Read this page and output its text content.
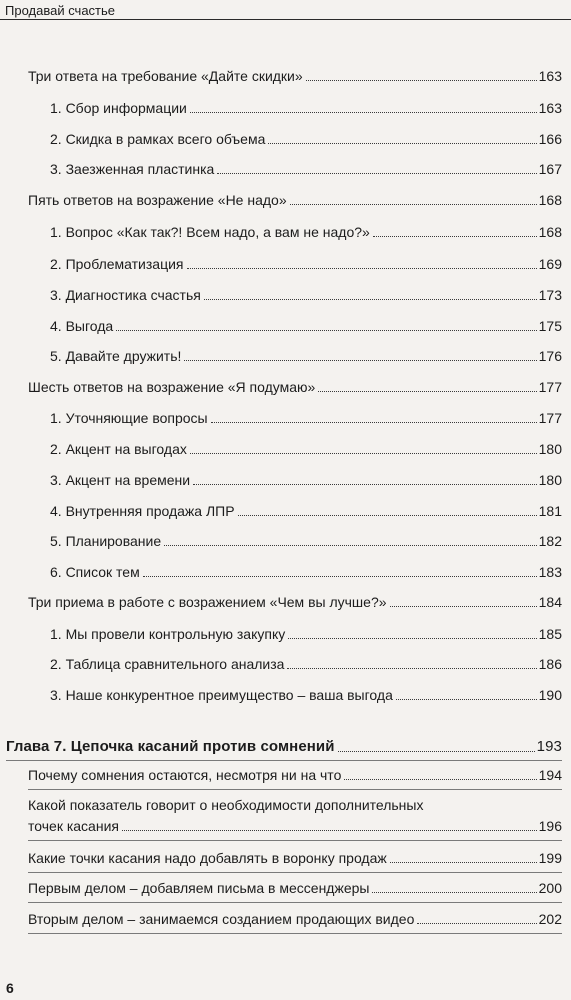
Продавай счастье
Три ответа на требование «Дайте скидки»	163
1. Сбор информации	163
2. Скидка в рамках всего объема	166
3. Заезженная пластинка	167
Пять ответов на возражение «Не надо»	168
1. Вопрос «Как так?! Всем надо, а вам не надо?»	168
2. Проблематизация	169
3. Диагностика счастья	173
4. Выгода	175
5. Давайте дружить!	176
Шесть ответов на возражение «Я подумаю»	177
1. Уточняющие вопросы	177
2. Акцент на выгодах	180
3. Акцент на времени	180
4. Внутренняя продажа ЛПР	181
5. Планирование	182
6. Список тем	183
Три приема в работе с возражением «Чем вы лучше?»	184
1. Мы провели контрольную закупку	185
2. Таблица сравнительного анализа	186
3. Наше конкурентное преимущество – ваша выгода	190
Глава 7. Цепочка касаний против сомнений	193
Почему сомнения остаются, несмотря ни на что	194
Какой показатель говорит о необходимости дополнительных
точек касания	196
Какие точки касания надо добавлять в воронку продаж	199
Первым делом – добавляем письма в мессенджеры	200
Вторым делом – занимаемся созданием продающих видео	202
6
